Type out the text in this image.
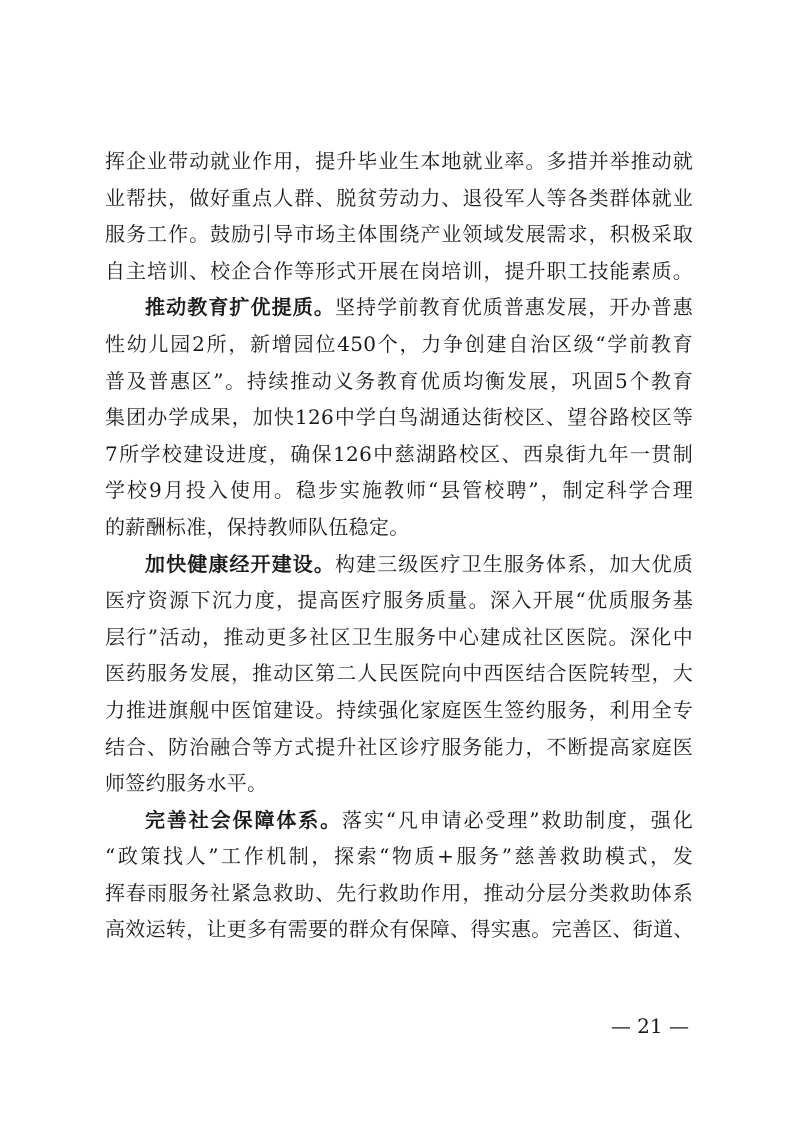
挥企业带动就业作用，提升毕业生本地就业率。多措并举推动就
业帮扶，做好重点人群、脱贫劳动力、退役军人等各类群体就业
服务工作。鼓励引导市场主体围绕产业领域发展需求，积极采取
自主培训、校企合作等形式开展在岗培训，提升职工技能素质。
推动教育扩优提质。坚持学前教育优质普惠发展，开办普惠
性幼儿园2所，新增园位450个，力争创建自治区级“学前教育
普及普惠区”。持续推动义务教育优质均衡发展，巩固5个教育
集团办学成果，加快126中学白鸟湖通达街校区、望谷路校区等
7所学校建设进度，确保126中慈湖路校区、西泉街九年一贯制
学校9月投入使用。稳步实施教师“县管校聘”，制定科学合理
的薪酬标准，保持教师队伍稳定。
加快健康经开建设。构建三级医疗卫生服务体系，加大优质
医疗资源下沉力度，提高医疗服务质量。深入开展“优质服务基
层行”活动，推动更多社区卫生服务中心建成社区医院。深化中
医药服务发展，推动区第二人民医院向中西医结合医院转型，大
力推进旗舰中医馆建设。持续强化家庭医生签约服务，利用全专
结合、防治融合等方式提升社区诊疗服务能力，不断提高家庭医
师签约服务水平。
完善社会保障体系。落实“凡申请必受理”救助制度，强化
“政策找人”工作机制，探索“物质+服务”慈善救助模式，发
挥春雨服务社紧急救助、先行救助作用，推动分层分类救助体系
高效运转，让更多有需要的群众有保障、得实惠。完善区、街道、
— 21 —
